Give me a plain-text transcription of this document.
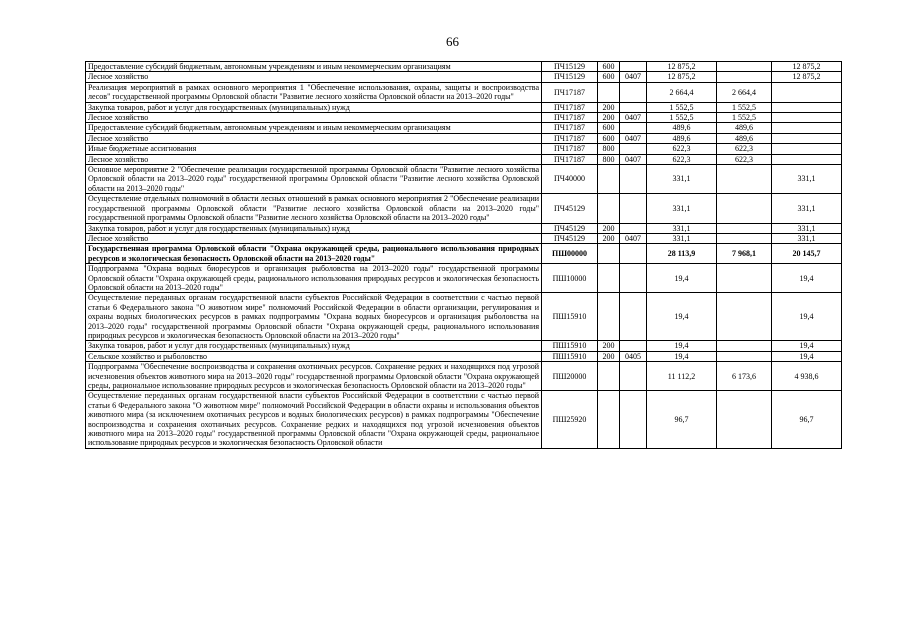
66
Предоставление субсидий бюджетным, автономным учреждениям и иным некоммерческим организациям	ПЧ15129	600		12 875,2		12 875,2
Лесное хозяйство	ПЧ15129	600	0407	12 875,2		12 875,2
Реализация мероприятий в рамках основного мероприятия 1 "Обеспечение использования, охраны, защиты и воспроизводства лесов" государственной программы Орловской области "Развитие лесного хозяйства Орловской области на 2013–2020 годы"	ПЧ17187			2 664,4	2 664,4	
Закупка товаров, работ и услуг для государственных (муниципальных) нужд	ПЧ17187	200		1 552,5	1 552,5	
Лесное хозяйство	ПЧ17187	200	0407	1 552,5	1 552,5	
Предоставление субсидий бюджетным, автономным учреждениям и иным некоммерческим организациям	ПЧ17187	600		489,6	489,6	
Лесное хозяйство	ПЧ17187	600	0407	489,6	489,6	
Иные бюджетные ассигнования	ПЧ17187	800		622,3	622,3	
Лесное хозяйство	ПЧ17187	800	0407	622,3	622,3	
Основное мероприятие 2 "Обеспечение реализации государственной программы Орловской области "Развитие лесного хозяйства Орловской области на 2013–2020 годы" государственной программы Орловской области "Развитие лесного хозяйства Орловской области на 2013–2020 годы"	ПЧ40000			331,1		331,1
Осуществление отдельных полномочий в области лесных отношений в рамках основного мероприятия 2 "Обеспечение реализации государственной программы Орловской области "Развитие лесного хозяйства Орловской области на 2013–2020 годы" государственной программы Орловской области "Развитие лесного хозяйства Орловской области на 2013–2020 годы"	ПЧ45129			331,1		331,1
Закупка товаров, работ и услуг для государственных (муниципальных) нужд	ПЧ45129	200		331,1		331,1
Лесное хозяйство	ПЧ45129	200	0407	331,1		331,1
Государственная программа Орловской области "Охрана окружающей среды, рационального использования природных ресурсов и экологическая безопасность Орловской области на 2013–2020 годы"	ПШ00000			28 113,9	7 968,1	20 145,7
Подпрограмма "Охрана водных биоресурсов и организация рыболовства на 2013–2020 годы" государственной программы Орловской области "Охрана окружающей среды, рационального использования природных ресурсов и экологическая безопасность Орловской области на 2013–2020 годы"	ПШ10000			19,4		19,4
Осуществление переданных органам государственной власти субъектов Российской Федерации в соответствии с частью первой статьи 6 Федерального закона "О животном мире" полномочий Российской Федерации в области организации, регулирования и охраны водных биологических ресурсов в рамках подпрограммы "Охрана водных биоресурсов и организация рыболовства на 2013–2020 годы" государственной программы Орловской области "Охрана окружающей среды, рационального использования природных ресурсов и экологическая безопасность Орловской области на 2013–2020 годы"	ПШ15910			19,4		19,4
Закупка товаров, работ и услуг для государственных (муниципальных) нужд	ПШ15910	200		19,4		19,4
Сельское хозяйство и рыболовство	ПШ15910	200	0405	19,4		19,4
Подпрограмма "Обеспечение воспроизводства и сохранения охотничьих ресурсов. Сохранение редких и находящихся под угрозой исчезновения объектов животного мира на 2013–2020 годы" государственной программы Орловской области "Охрана окружающей среды, рациональное использование природных ресурсов и экологическая безопасность Орловской области на 2013–2020 годы"	ПШ20000			11 112,2	6 173,6	4 938,6
Осуществление переданных органам государственной власти субъектов Российской Федерации в соответствии с частью первой статьи 6 Федерального закона "О животном мире" полномочий Российской Федерации в области охраны и использования объектов животного мира (за исключением охотничьих ресурсов и водных биологических ресурсов) в рамках подпрограммы "Обеспечение воспроизводства и сохранения охотничьих ресурсов. Сохранение редких и находящихся под угрозой исчезновения объектов животного мира на 2013–2020 годы" государственной программы Орловской области "Охрана окружающей среды, рациональное использование природных ресурсов и экологическая безопасность Орловской области	ПШ25920			96,7		96,7
